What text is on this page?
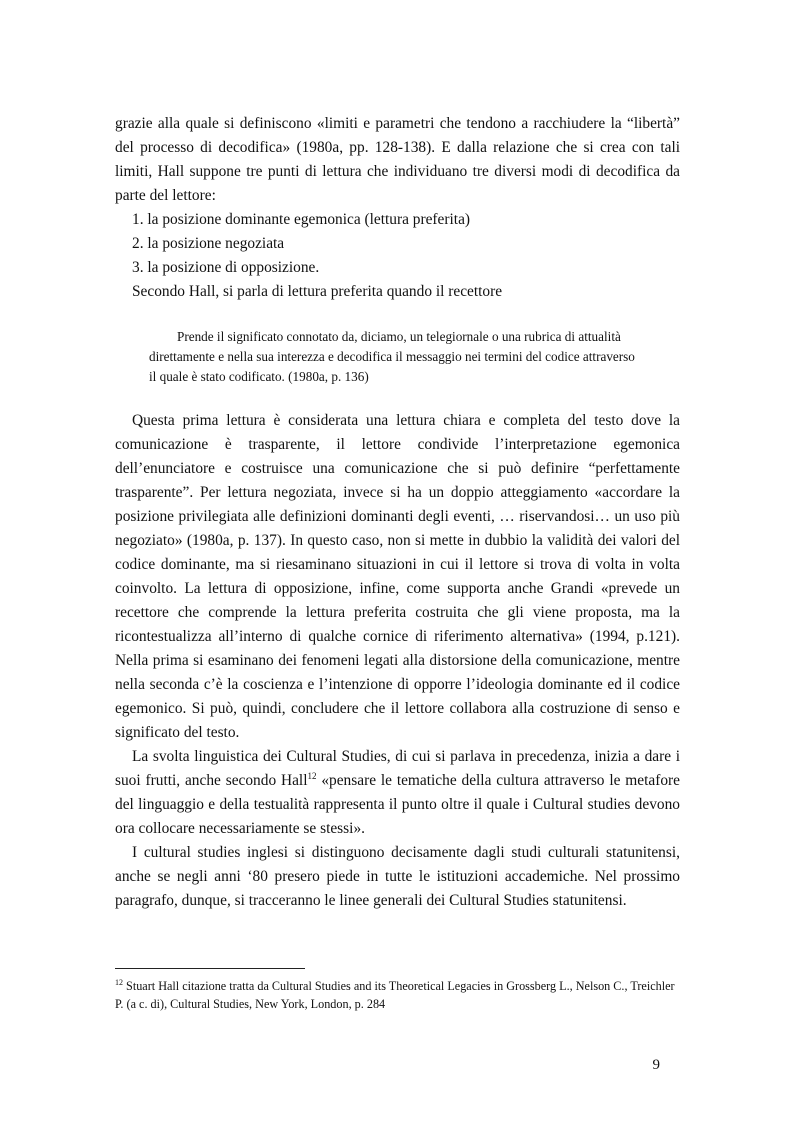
grazie alla quale si definiscono «limiti e parametri che tendono a racchiudere la “libertà” del processo di decodifica» (1980a, pp. 128-138). E dalla relazione che si crea con tali limiti, Hall suppone tre punti di lettura che individuano tre diversi modi di decodifica da parte del lettore:

1. la posizione dominante egemonica (lettura preferita)
2. la posizione negoziata
3. la posizione di opposizione.

Secondo Hall, si parla di lettura preferita quando il recettore

Prende il significato connotato da, diciamo, un telegiornale o una rubrica di attualità
direttamente e nella sua interezza e decodifica il messaggio nei termini del codice attraverso
il quale è stato codificato. (1980a, p. 136)

Questa prima lettura è considerata una lettura chiara e completa del testo dove la comunicazione è trasparente, il lettore condivide l’interpretazione egemonica dell’enunciatore e costruisce una comunicazione che si può definire “perfettamente trasparente”. Per lettura negoziata, invece si ha un doppio atteggiamento «accordare la posizione privilegiata alle definizioni dominanti degli eventi, … riservandosi… un uso più negoziato» (1980a, p. 137). In questo caso, non si mette in dubbio la validità dei valori del codice dominante, ma si riesaminano situazioni in cui il lettore si trova di volta in volta coinvolto. La lettura di opposizione, infine, come supporta anche Grandi «prevede un recettore che comprende la lettura preferita costruita che gli viene proposta, ma la ricontestualizza all’interno di qualche cornice di riferimento alternativa» (1994, p.121). Nella prima si esaminano dei fenomeni legati alla distorsione della comunicazione, mentre nella seconda c’è la coscienza e l’intenzione di opporre l’ideologia dominante ed il codice egemonico. Si può, quindi, concludere che il lettore collabora alla costruzione di senso e significato del testo.

La svolta linguistica dei Cultural Studies, di cui si parlava in precedenza, inizia a dare i suoi frutti, anche secondo Hall$^{12}$ «pensare le tematiche della cultura attraverso le metafore del linguaggio e della testualità rappresenta il punto oltre il quale i Cultural studies devono ora collocare necessariamente se stessi».

I cultural studies inglesi si distinguono decisamente dagli studi culturali statunitensi, anche se negli anni ‘80 presero piede in tutte le istituzioni accademiche. Nel prossimo paragrafo, dunque, si tracceranno le linee generali dei Cultural Studies statunitensi.

$^{12}$ Stuart Hall citazione tratta da Cultural Studies and its Theoretical Legacies in Grossberg L., Nelson C., Treichler P. (a c. di), Cultural Studies, New York, London, p. 284
9
